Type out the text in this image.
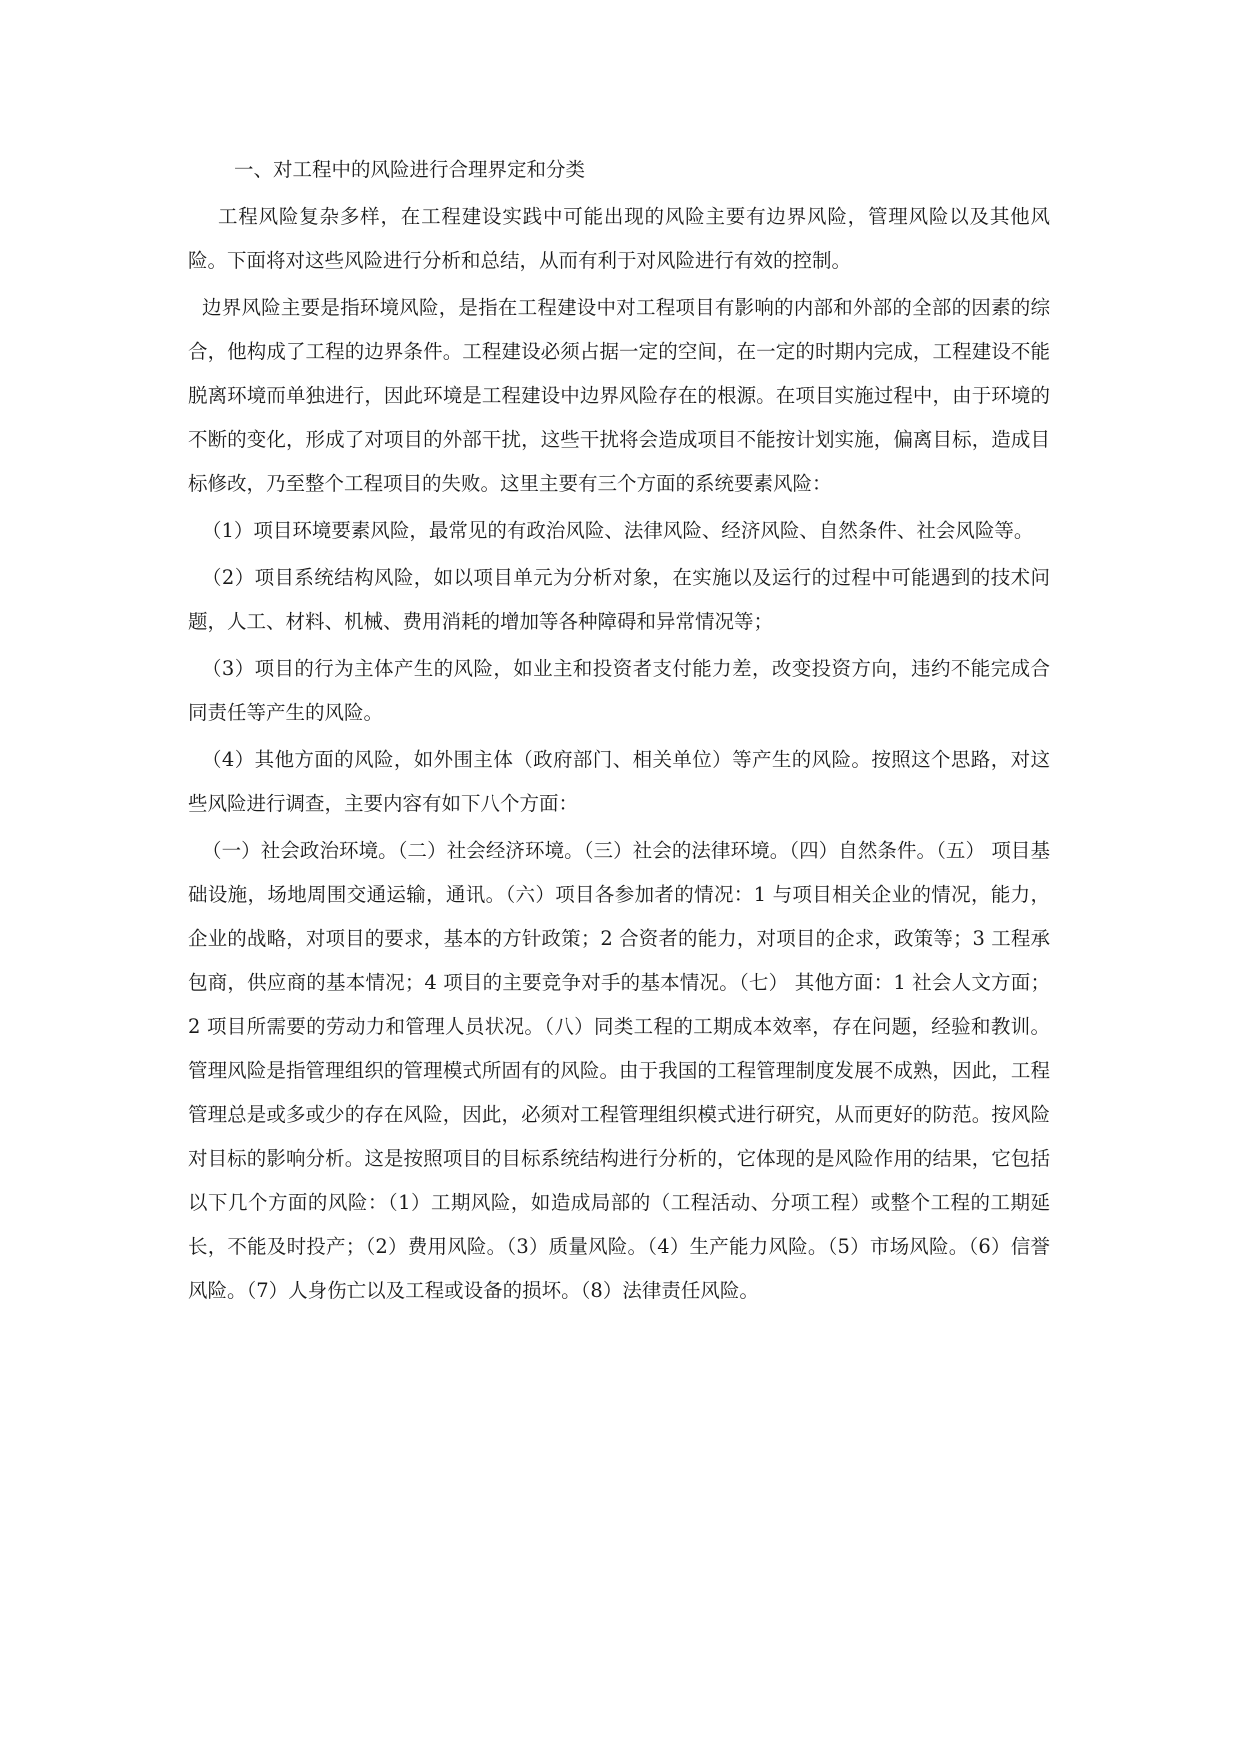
一、对工程中的风险进行合理界定和分类

工程风险复杂多样，在工程建设实践中可能出现的风险主要有边界风险，管理风险以及其他风险。下面将对这些风险进行分析和总结，从而有利于对风险进行有效的控制。

边界风险主要是指环境风险，是指在工程建设中对工程项目有影响的内部和外部的全部的因素的综合，他构成了工程的边界条件。工程建设必须占据一定的空间，在一定的时期内完成，工程建设不能脱离环境而单独进行，因此环境是工程建设中边界风险存在的根源。在项目实施过程中，由于环境的不断的变化，形成了对项目的外部干扰，这些干扰将会造成项目不能按计划实施，偏离目标，造成目标修改，乃至整个工程项目的失败。这里主要有三个方面的系统要素风险：

（1）项目环境要素风险，最常见的有政治风险、法律风险、经济风险、自然条件、社会风险等。

（2）项目系统结构风险，如以项目单元为分析对象，在实施以及运行的过程中可能遇到的技术问题，人工、材料、机械、费用消耗的增加等各种障碍和异常情况等；

（3）项目的行为主体产生的风险，如业主和投资者支付能力差，改变投资方向，违约不能完成合同责任等产生的风险。

（4）其他方面的风险，如外围主体（政府部门、相关单位）等产生的风险。按照这个思路，对这些风险进行调查，主要内容有如下八个方面：

（一）社会政治环境。（二）社会经济环境。（三）社会的法律环境。（四）自然条件。（五） 项目基础设施，场地周围交通运输，通讯。（六）项目各参加者的情况：1 与项目相关企业的情况，能力，企业的战略，对项目的要求，基本的方针政策；2 合资者的能力，对项目的企求，政策等；3 工程承包商，供应商的基本情况；4 项目的主要竞争对手的基本情况。（七） 其他方面：1 社会人文方面；2 项目所需要的劳动力和管理人员状况。（八）同类工程的工期成本效率，存在问题，经验和教训。管理风险是指管理组织的管理模式所固有的风险。由于我国的工程管理制度发展不成熟，因此，工程管理总是或多或少的存在风险，因此，必须对工程管理组织模式进行研究，从而更好的防范。按风险对目标的影响分析。这是按照项目的目标系统结构进行分析的，它体现的是风险作用的结果，它包括以下几个方面的风险：（1）工期风险，如造成局部的（工程活动、分项工程）或整个工程的工期延长，不能及时投产；（2）费用风险。（3）质量风险。（4）生产能力风险。（5）市场风险。（6）信誉风险。（7）人身伤亡以及工程或设备的损坏。（8）法律责任风险。
